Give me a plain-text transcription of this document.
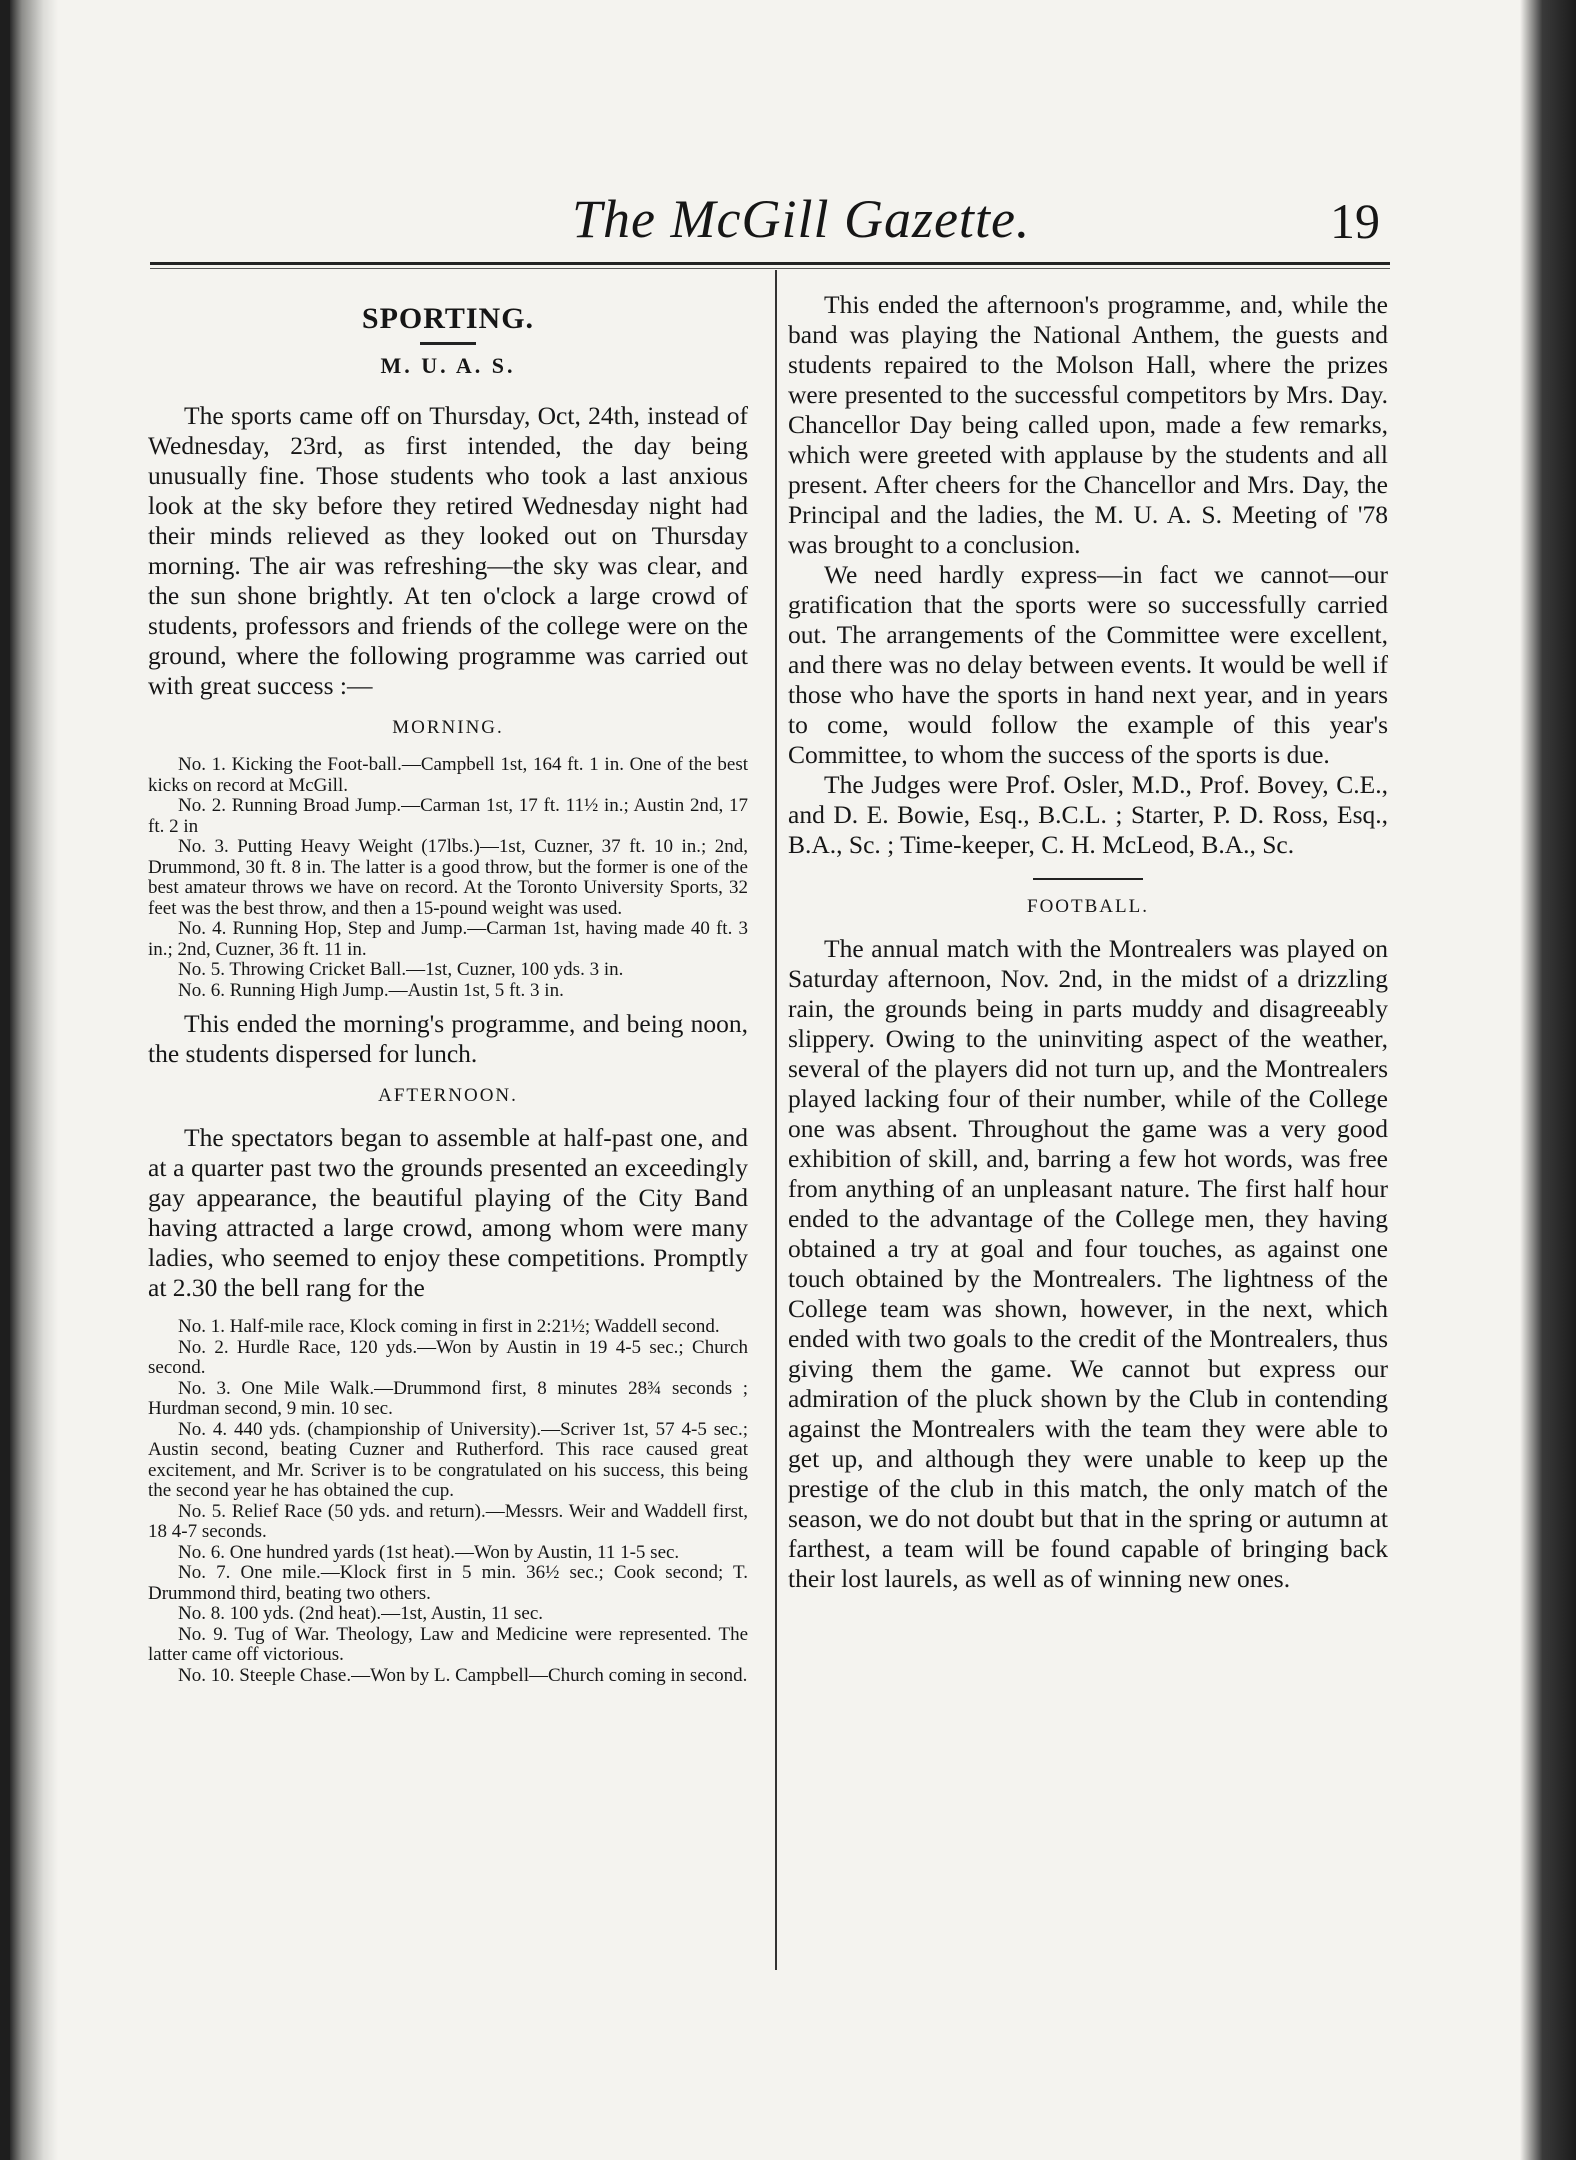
The McGill Gazette.	19
SPORTING.
M. U. A. S.

The sports came off on Thursday, Oct, 24th, instead of Wednesday, 23rd, as first intended, the day being unusually fine. Those students who took a last anxious look at the sky before they retired Wednesday night had their minds relieved as they looked out on Thursday morning. The air was refreshing—the sky was clear, and the sun shone brightly. At ten o'clock a large crowd of students, professors and friends of the college were on the ground, where the following programme was carried out with great success :—

MORNING.

No. 1. Kicking the Foot-ball.—Campbell 1st, 164 ft. 1 in. One of the best kicks on record at McGill.

No. 2. Running Broad Jump.—Carman 1st, 17 ft. 11½ in.; Austin 2nd, 17 ft. 2 in

No. 3. Putting Heavy Weight (17lbs.)—1st, Cuzner, 37 ft. 10 in.; 2nd, Drummond, 30 ft. 8 in. The latter is a good throw, but the former is one of the best amateur throws we have on record. At the Toronto University Sports, 32 feet was the best throw, and then a 15-pound weight was used.

No. 4. Running Hop, Step and Jump.—Carman 1st, having made 40 ft. 3 in.; 2nd, Cuzner, 36 ft. 11 in.

No. 5. Throwing Cricket Ball.—1st, Cuzner, 100 yds. 3 in.

No. 6. Running High Jump.—Austin 1st, 5 ft. 3 in.

This ended the morning's programme, and being noon, the students dispersed for lunch.

AFTERNOON.

The spectators began to assemble at half-past one, and at a quarter past two the grounds presented an exceedingly gay appearance, the beautiful playing of the City Band having attracted a large crowd, among whom were many ladies, who seemed to enjoy these competitions. Promptly at 2.30 the bell rang for the

No. 1. Half-mile race, Klock coming in first in 2:21½; Waddell second.

No. 2. Hurdle Race, 120 yds.—Won by Austin in 19 4-5 sec.; Church second.

No. 3. One Mile Walk.—Drummond first, 8 minutes 28¾ seconds ; Hurdman second, 9 min. 10 sec.

No. 4. 440 yds. (championship of University).—Scriver 1st, 57 4-5 sec.; Austin second, beating Cuzner and Rutherford. This race caused great excitement, and Mr. Scriver is to be congratulated on his success, this being the second year he has obtained the cup.

No. 5. Relief Race (50 yds. and return).—Messrs. Weir and Waddell first, 18 4-7 seconds.

No. 6. One hundred yards (1st heat).—Won by Austin, 11 1-5 sec.

No. 7. One mile.—Klock first in 5 min. 36½ sec.; Cook second; T. Drummond third, beating two others.

No. 8. 100 yds. (2nd heat).—1st, Austin, 11 sec.

No. 9. Tug of War. Theology, Law and Medicine were represented. The latter came off victorious.

No. 10. Steeple Chase.—Won by L. Campbell—Church coming in second.

This ended the afternoon's programme, and, while the band was playing the National Anthem, the guests and students repaired to the Molson Hall, where the prizes were presented to the successful competitors by Mrs. Day. Chancellor Day being called upon, made a few remarks, which were greeted with applause by the students and all present. After cheers for the Chancellor and Mrs. Day, the Principal and the ladies, the M. U. A. S. Meeting of '78 was brought to a conclusion.

We need hardly express—in fact we cannot—our gratification that the sports were so successfully carried out. The arrangements of the Committee were excellent, and there was no delay between events. It would be well if those who have the sports in hand next year, and in years to come, would follow the example of this year's Committee, to whom the success of the sports is due.

The Judges were Prof. Osler, M.D., Prof. Bovey, C.E., and D. E. Bowie, Esq., B.C.L. ; Starter, P. D. Ross, Esq., B.A., Sc. ; Time-keeper, C. H. McLeod, B.A., Sc.

FOOTBALL.

The annual match with the Montrealers was played on Saturday afternoon, Nov. 2nd, in the midst of a drizzling rain, the grounds being in parts muddy and disagreeably slippery. Owing to the uninviting aspect of the weather, several of the players did not turn up, and the Montrealers played lacking four of their number, while of the College one was absent. Throughout the game was a very good exhibition of skill, and, barring a few hot words, was free from anything of an unpleasant nature. The first half hour ended to the advantage of the College men, they having obtained a try at goal and four touches, as against one touch obtained by the Montrealers. The lightness of the College team was shown, however, in the next, which ended with two goals to the credit of the Montrealers, thus giving them the game. We cannot but express our admiration of the pluck shown by the Club in contending against the Montrealers with the team they were able to get up, and although they were unable to keep up the prestige of the club in this match, the only match of the season, we do not doubt but that in the spring or autumn at farthest, a team will be found capable of bringing back their lost laurels, as well as of winning new ones.
